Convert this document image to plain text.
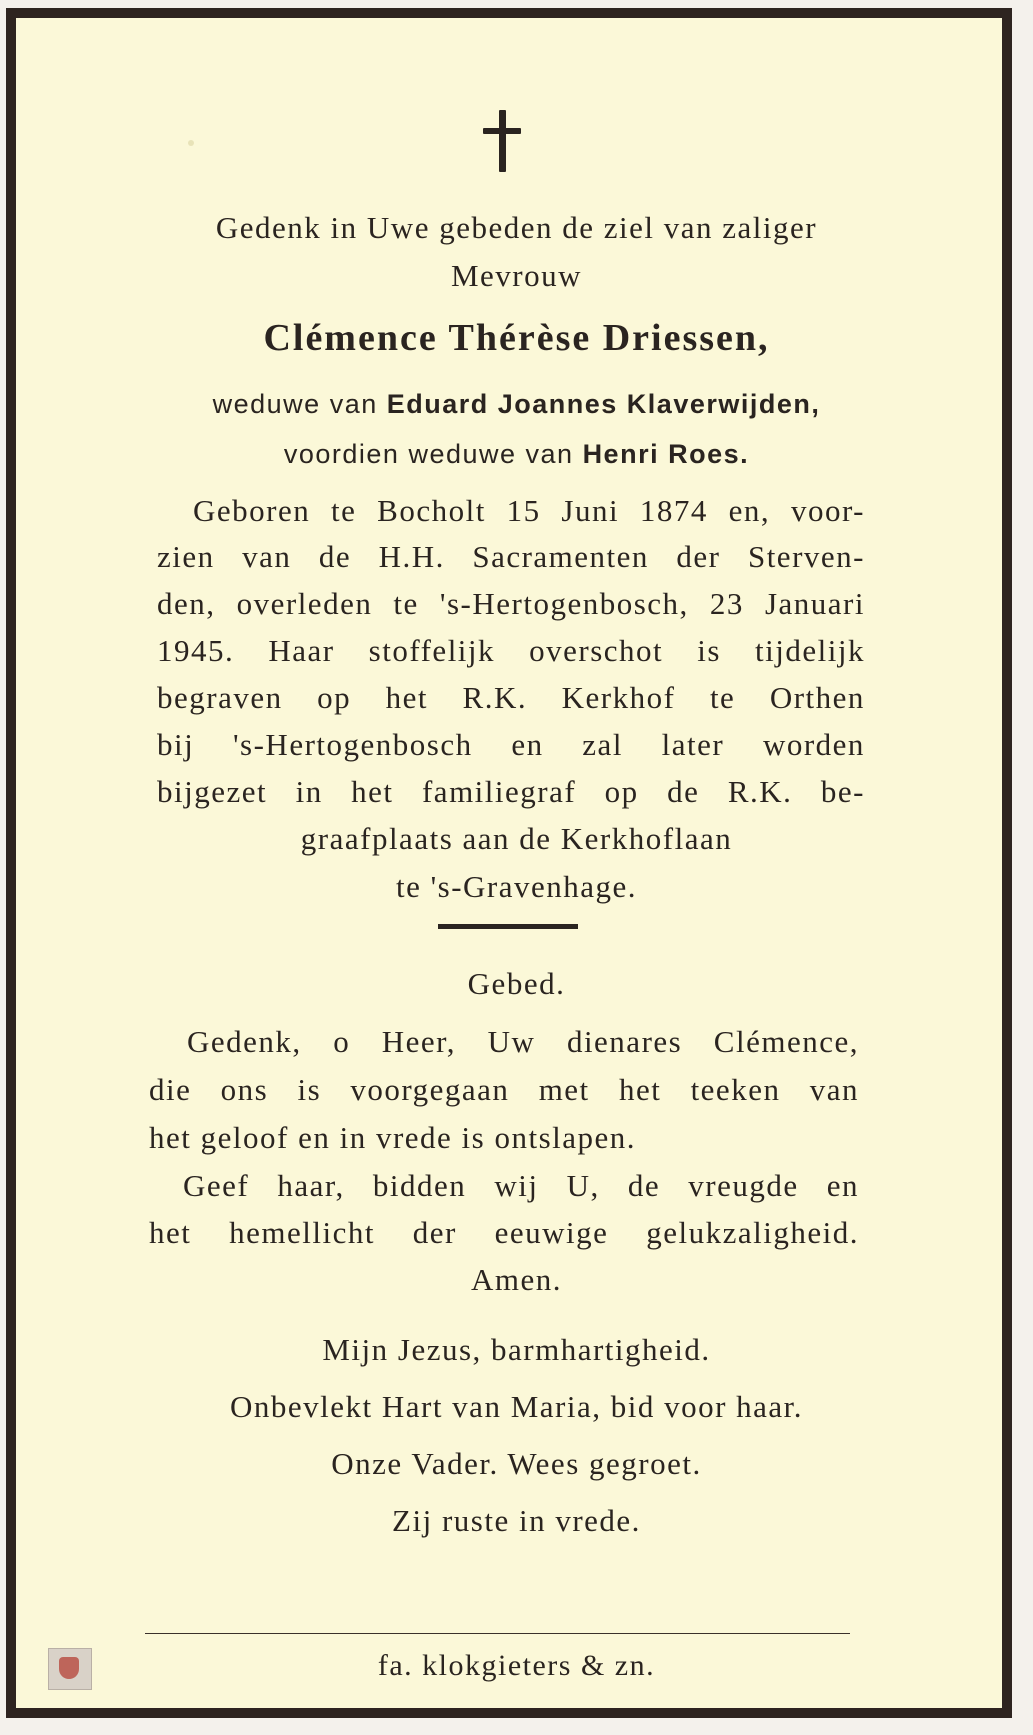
Gedenk in Uwe gebeden de ziel van zaliger
Mevrouw
Clémence Thérèse Driessen,
weduwe van Eduard Joannes Klaverwijden,
voordien weduwe van Henri Roes.
Geboren te Bocholt 15 Juni 1874 en, voor-
zien van de H.H. Sacramenten der Sterven-
den, overleden te 's-Hertogenbosch, 23 Januari
1945. Haar stoffelijk overschot is tijdelijk
begraven op het R.K. Kerkhof te Orthen
bij 's-Hertogenbosch en zal later worden
bijgezet in het familiegraf op de R.K. be-
graafplaats aan de Kerkhoflaan
te 's-Gravenhage.
Gebed.
Gedenk, o Heer, Uw dienares Clémence,
die ons is voorgegaan met het teeken van
het geloof en in vrede is ontslapen.
Geef haar, bidden wij U, de vreugde en
het hemellicht der eeuwige gelukzaligheid.
Amen.
Mijn Jezus, barmhartigheid.
Onbevlekt Hart van Maria, bid voor haar.
Onze Vader. Wees gegroet.
Zij ruste in vrede.
fa. klokgieters & zn.
